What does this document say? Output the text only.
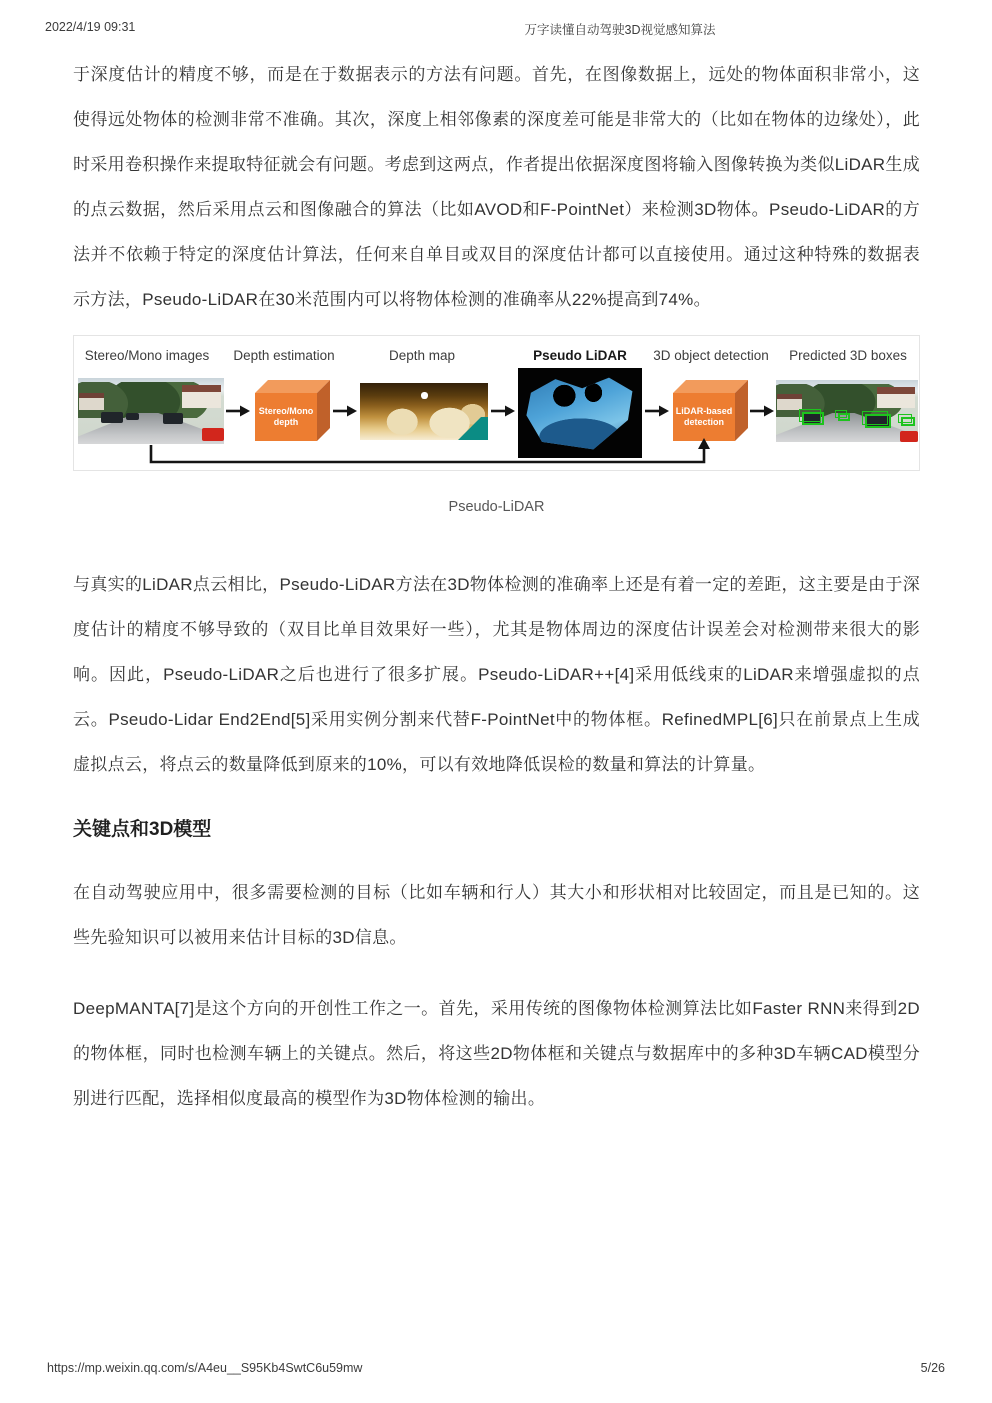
2022/4/19 09:31	万字读懂自动驾驶3D视觉感知算法

于深度估计的精度不够，而是在于数据表示的方法有问题。首先，在图像数据上，远处的物体面积非常小，这使得远处物体的检测非常不准确。其次，深度上相邻像素的深度差可能是非常大的（比如在物体的边缘处），此时采用卷积操作来提取特征就会有问题。考虑到这两点，作者提出依据深度图将输入图像转换为类似LiDAR生成的点云数据，然后采用点云和图像融合的算法（比如AVOD和F-PointNet）来检测3D物体。Pseudo-LiDAR的方法并不依赖于特定的深度估计算法，任何来自单目或双目的深度估计都可以直接使用。通过这种特殊的数据表示方法，Pseudo-LiDAR在30米范围内可以将物体检测的准确率从22%提高到74%。

Stereo/Mono images Depth estimation	Depth map	Pseudo LiDAR 3D object detection Predicted 3D boxes
Stereo/Mono depth
LiDAR-based detection
Pseudo-LiDAR

与真实的LiDAR点云相比，Pseudo-LiDAR方法在3D物体检测的准确率上还是有着一定的差距，这主要是由于深度估计的精度不够导致的（双目比单目效果好一些），尤其是物体周边的深度估计误差会对检测带来很大的影响。因此，Pseudo-LiDAR之后也进行了很多扩展。Pseudo-LiDAR++[4]采用低线束的LiDAR来增强虚拟的点云。Pseudo-Lidar End2End[5]采用实例分割来代替F-PointNet中的物体框。RefinedMPL[6]只在前景点上生成虚拟点云，将点云的数量降低到原来的10%，可以有效地降低误检的数量和算法的计算量。

关键点和3D模型

在自动驾驶应用中，很多需要检测的目标（比如车辆和行人）其大小和形状相对比较固定，而且是已知的。这些先验知识可以被用来估计目标的3D信息。

DeepMANTA[7]是这个方向的开创性工作之一。首先，采用传统的图像物体检测算法比如Faster RNN来得到2D的物体框，同时也检测车辆上的关键点。然后，将这些2D物体框和关键点与数据库中的多种3D车辆CAD模型分别进行匹配，选择相似度最高的模型作为3D物体检测的输出。

https://mp.weixin.qq.com/s/A4eu__S95Kb4SwtC6u59mw	5/26
